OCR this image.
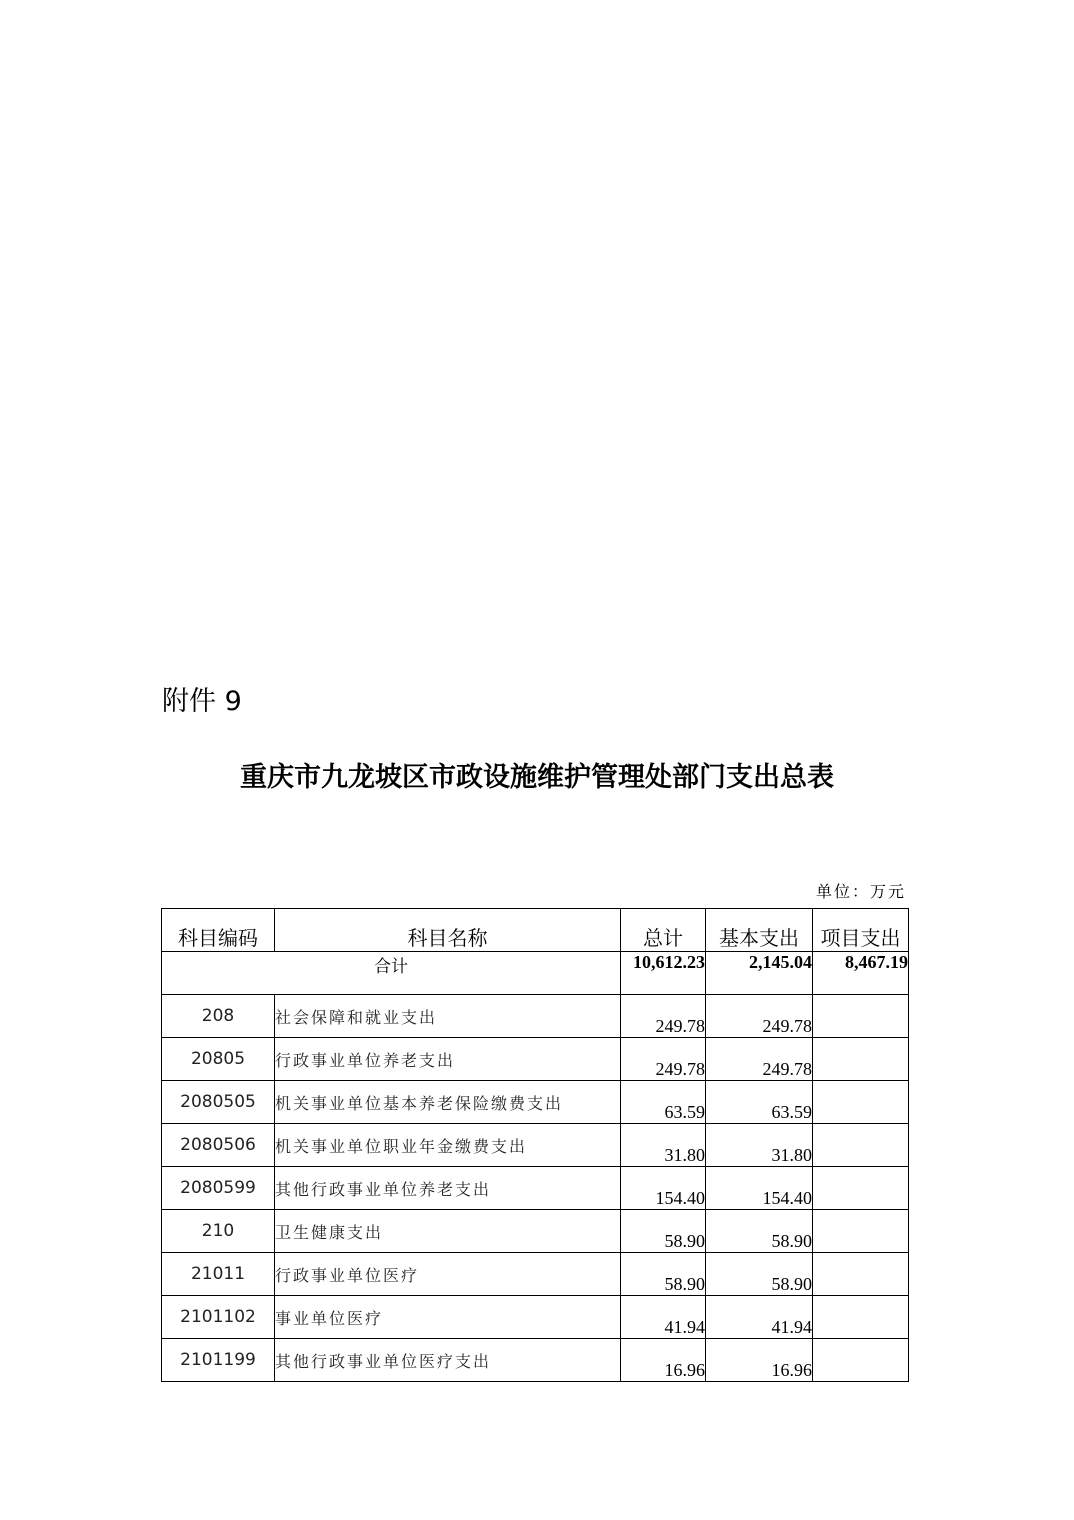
附件 9
重庆市九龙坡区市政设施维护管理处部门支出总表
单位：万元
科目编码	科目名称	总计	基本支出	项目支出
合计		10,612.23	2,145.04	8,467.19
208	社会保障和就业支出	249.78	249.78	
20805	行政事业单位养老支出	249.78	249.78	
2080505	机关事业单位基本养老保险缴费支出	63.59	63.59	
2080506	机关事业单位职业年金缴费支出	31.80	31.80	
2080599	其他行政事业单位养老支出	154.40	154.40	
210	卫生健康支出	58.90	58.90	
21011	行政事业单位医疗	58.90	58.90	
2101102	事业单位医疗	41.94	41.94	
2101199	其他行政事业单位医疗支出	16.96	16.96	
